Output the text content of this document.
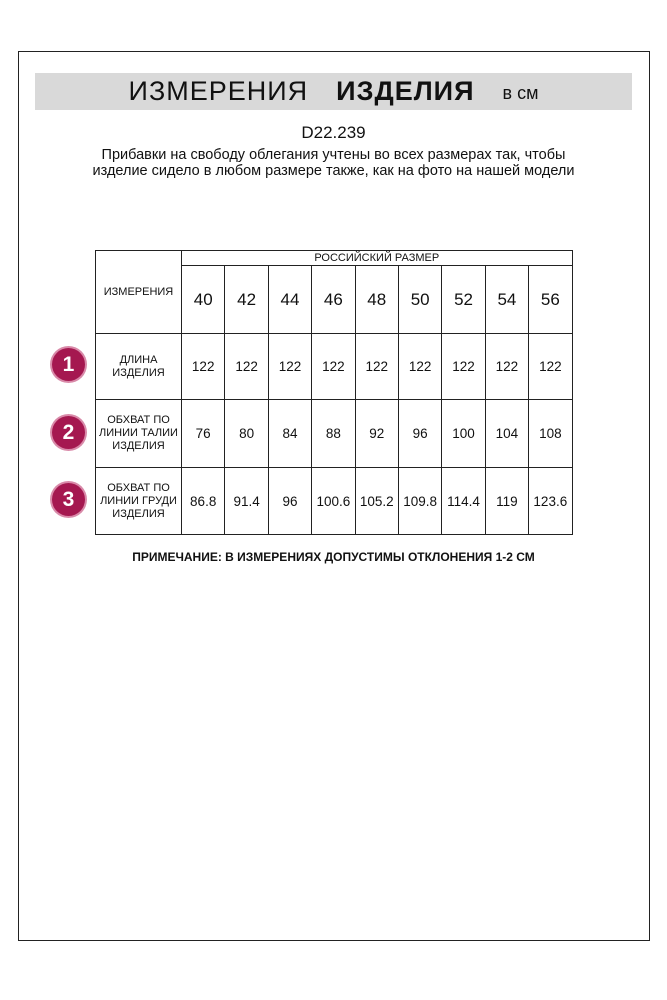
ИЗМЕРЕНИЯ ИЗДЕЛИЯ в см
D22.239
Прибавки на свободу облегания учтены во всех размерах так, чтобы изделие сидело в любом размере также, как на фото на нашей модели
ИЗМЕРЕНИЯ	РОССИЙСКИЙ РАЗМЕР								
	40	42	44	46	48	50	52	54	56
ДЛИНА ИЗДЕЛИЯ	122	122	122	122	122	122	122	122	122
ОБХВАТ ПО ЛИНИИ ТАЛИИ ИЗДЕЛИЯ	76	80	84	88	92	96	100	104	108
ОБХВАТ ПО ЛИНИИ ГРУДИ ИЗДЕЛИЯ	86.8	91.4	96	100.6	105.2	109.8	114.4	119	123.6
1
2
3
ПРИМЕЧАНИЕ: В ИЗМЕРЕНИЯХ ДОПУСТИМЫ ОТКЛОНЕНИЯ 1-2 СМ
